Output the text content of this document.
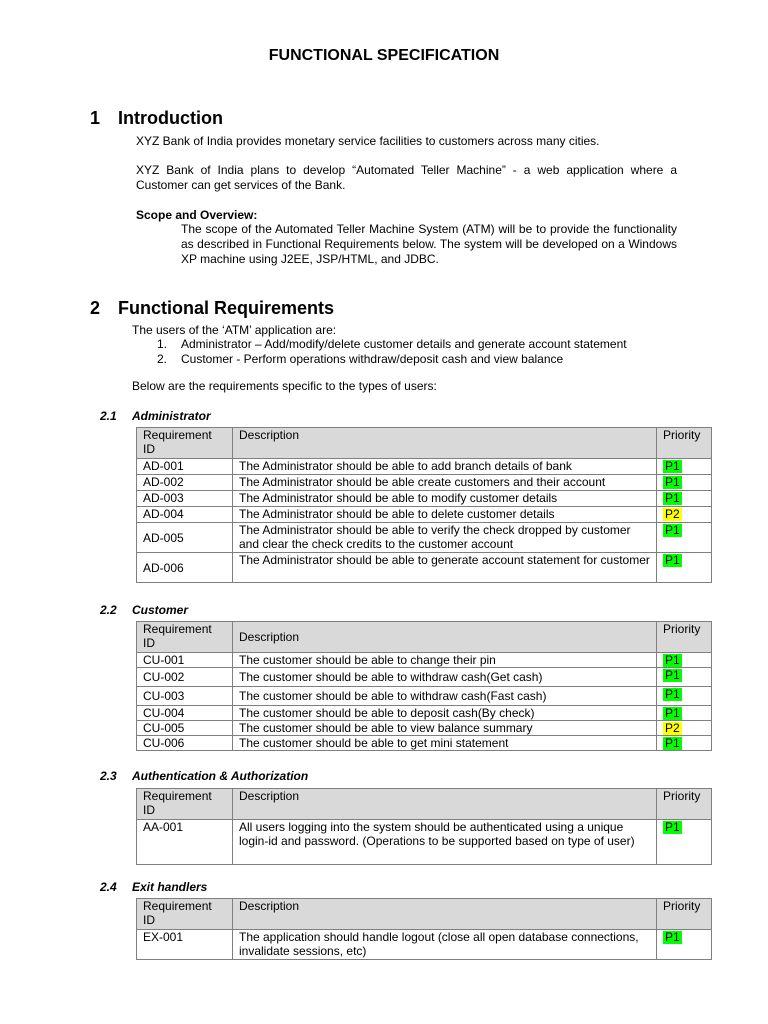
FUNCTIONAL SPECIFICATION
1 Introduction
XYZ Bank of India provides monetary service facilities to customers across many cities.
XYZ Bank of India plans to develop “Automated Teller Machine” - a web application where a Customer can get services of the Bank.
Scope and Overview:
The scope of the Automated Teller Machine System (ATM) will be to provide the functionality as described in Functional Requirements below. The system will be developed on a Windows XP machine using J2EE, JSP/HTML, and JDBC.
2 Functional Requirements
The users of the ‘ATM’ application are:
1. Administrator – Add/modify/delete customer details and generate account statement
2. Customer - Perform operations withdraw/deposit cash and view balance
Below are the requirements specific to the types of users:
2.1 Administrator
Requirement ID	Description	Priority
AD-001	The Administrator should be able to add branch details of bank	P1
AD-002	The Administrator should be able create customers and their account	P1
AD-003	The Administrator should be able to modify customer details	P1
AD-004	The Administrator should be able to delete customer details	P2
AD-005	The Administrator should be able to verify the check dropped by customer and clear the check credits to the customer account	P1
AD-006	The Administrator should be able to generate account statement for customer	P1
2.2 Customer
Requirement ID	Description	Priority
CU-001	The customer should be able to change their pin	P1
CU-002	The customer should be able to withdraw cash(Get cash)	P1
CU-003	The customer should be able to withdraw cash(Fast cash)	P1
CU-004	The customer should be able to deposit cash(By check)	P1
CU-005	The customer should be able to view balance summary	P2
CU-006	The customer should be able to get mini statement	P1
2.3 Authentication & Authorization
Requirement ID	Description	Priority
AA-001	All users logging into the system should be authenticated using a unique login-id and password. (Operations to be supported based on type of user)	P1
2.4 Exit handlers
Requirement ID	Description	Priority
EX-001	The application should handle logout (close all open database connections, invalidate sessions, etc)	P1
